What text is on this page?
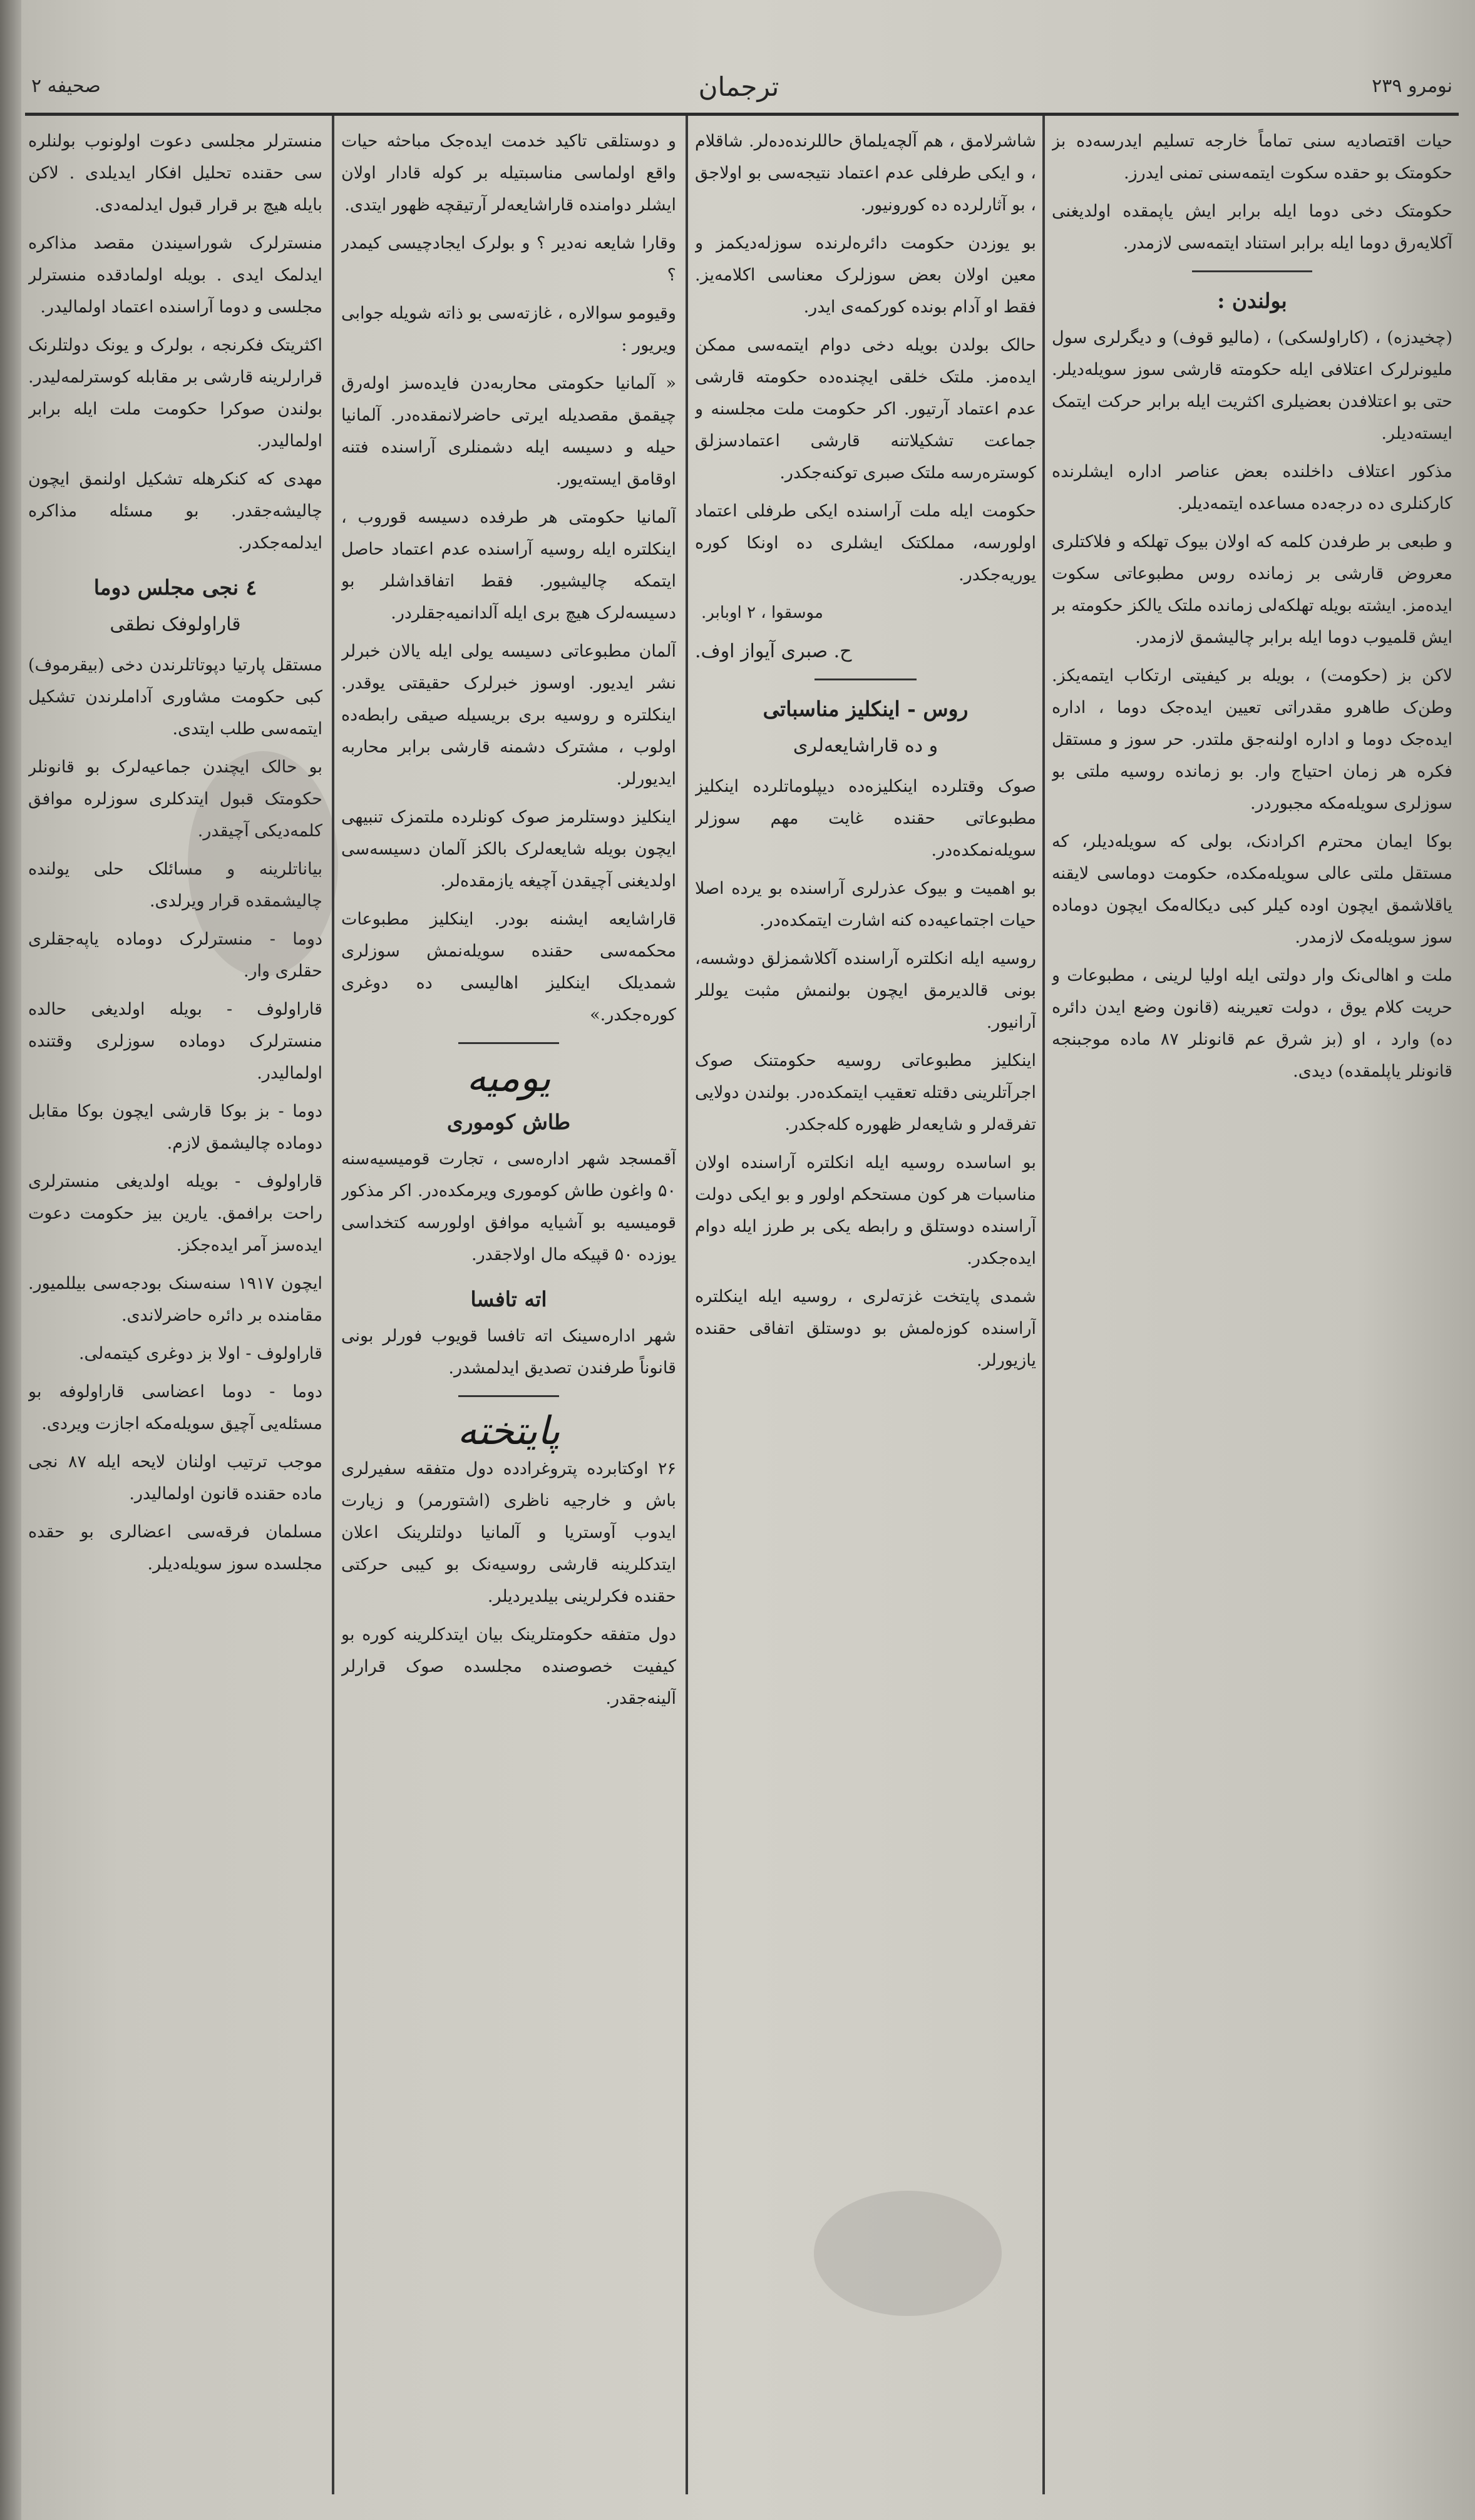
صحيفه ۲	ترجمان	نومرو ۲۳۹

حیات اقتصادیه سنی تماماً خارجه تسلیم ایدرسه‌ده بز حکومتک بو حقده سکوت ایتمه‌سنی تمنی ایدرز.

حکومتک دخی دوما ایله برابر ایش یاپمقده اولدیغنی آکلایه‌رق دوما ایله برابر استناد ایتمه‌سی لازمدر.

بولندن :

(چخیدزه) ، (کاراولسکی) ، (مالیو قوف) و دیگرلری سول ملیونرلرک اعتلافی ایله حکومته قارشی سوز سویله‌دیلر. حتی بو اعتلافدن بعضیلری اکثریت ایله برابر حرکت ایتمک ایسته‌دیلر.

مذکور اعتلاف داخلنده بعض عناصر اداره ایشلرنده کارکنلری ده درجه‌ده مساعده ایتمه‌دیلر.

و طبعی بر طرفدن کلمه که اولان بیوک تهلکه و فلاکتلری معروض قارشی بر زمانده روس مطبوعاتی سکوت ایده‌مز. ایشته بویله تهلکه‌لی زمانده ملتک یالکز حکومته بر ایش قلمیوب دوما ایله برابر چالیشمق لازمدر.

لاکن بز (حکومت) ، بویله بر کیفیتی ارتکاب ایتمه‌یکز. وطن‌ک طاهرو مقدراتی تعیین ایده‌جک دوما ، اداره ایده‌جک دوما و اداره اولنه‌جق ملتدر. حر سوز و مستقل فکره هر زمان احتیاج وار. بو زمانده روسیه ملتی بو سوزلری سویله‌مکه مجبوردر.

بوکا ایمان محترم اکرادنک، بولی که سویله‌دیلر، که مستقل ملتی عالی سویله‌مکده، حکومت دوماسی لایقنه یاقلاشمق ایچون اوده کیلر کبی دیکاله‌مک ایچون دوماده سوز سویله‌مک لازمدر.

ملت و اهالی‌نک وار دولتی ایله اولیا لرینی ، مطبوعات و حریت کلام یوق ، دولت تعیرینه (قانون وضع ایدن دائره ده) وارد ، او (بز شرق عم قانونلر ۸۷ ماده موجبنجه قانونلر یاپلمقده) دیدی.

شاشرلامق ، هم آلچه‌یلماق حاللرنده‌ده‌لر. شاقلام ، و ایکی طرفلی عدم اعتماد نتیجه‌سی بو اولاجق ، بو آثارلرده ده کورونیور.

بو یوزدن حکومت دائره‌لرنده سوزله‌دیکمز و معین اولان بعض سوزلرک معناسی اکلامه‌یز. فقط او آدام بونده کورکمه‌ی ایدر.

حالک بولدن بویله دخی دوام ایتمه‌سی ممکن ایده‌مز. ملتک خلقی ایچنده‌ده حکومته قارشی عدم اعتماد آرتیور. اکر حکومت ملت مجلسنه و جماعت تشکیلاتنه قارشی اعتمادسزلق کوستره‌رسه ملتک صبری توکنه‌جکدر.

حکومت ایله ملت آراسنده ایکی طرفلی اعتماد اولورسه، مملکتک ایشلری ده اونکا کوره یوریه‌جکدر.

موسقوا ، ۲ اوبابر.
ح. صبری آیواز اوف.
روس - اینکلیز مناسباتی
و ده قاراشایعه‌لری

صوک وقتلرده اینکلیزه‌ده دیپلوماتلرده اینکلیز مطبوعاتی حقنده غایت مهم سوزلر سویله‌نمکده‌در.

بو اهمیت و بیوک عذرلری آراسنده بو یرده اصلا حیات اجتماعیه‌ده کنه اشارت ایتمکده‌در.

روسیه ایله انکلتره آراسنده آکلاشمزلق دوشسه، بونی قالدیرمق ایچون بولنمش مثبت یوللر آرانیور.

اینکلیز مطبوعاتی روسیه حکومتنک صوک اجرآتلرینی دقتله تعقیب ایتمکده‌در. بولندن دولایی تفرقه‌لر و شایعه‌لر ظهوره کله‌جکدر.

بو اساسده روسیه ایله انکلتره آراسنده اولان مناسبات هر کون مستحکم اولور و بو ایکی دولت آراسنده دوستلق و رابطه یکی بر طرز ایله دوام ایده‌جکدر.

شمدی پایتخت غزته‌لری ، روسیه ایله اینکلتره آراسنده کوزه‌لمش بو دوستلق اتفاقی حقنده یازیورلر.

و دوستلقی تاکید خدمت ایده‌جک مباحثه حیات واقع اولماسی مناسبتیله بر کوله قادار اولان ایشلر دوامنده قاراشایعه‌لر آرتیقچه ظهور ایتدی.

وقارا شایعه نه‌دیر ؟ و بولرک ایجادچیسی کیمدر ؟

وقیومو سوالاره ، غازته‌سی بو ذاته شویله جوابی ویریور :

« آلمانیا حکومتی محاربه‌دن فایده‌سز اوله‌رق چیقمق مقصدیله ایرتی حاضرلانمقده‌در. آلمانیا حیله و دسیسه ایله دشمنلری آراسنده فتنه اوقامق ایسته‌یور.

آلمانیا حکومتی هر طرفده دسیسه قوروب ، اینکلتره ایله روسیه آراسنده عدم اعتماد حاصل ایتمکه چالیشیور. فقط اتفاقداشلر بو دسیسه‌لرک هیچ بری ایله آلدانمیه‌جقلردر.

آلمان مطبوعاتی دسیسه یولی ایله یالان خبرلر نشر ایدیور. اوسوز خبرلرک حقیقتی یوقدر. اینکلتره و روسیه بری بریسیله صیقی رابطه‌ده اولوب ، مشترک دشمنه قارشی برابر محاربه ایدیورلر.

اینکلیز دوستلرمز صوک کونلرده ملتمزک تنبیهی ایچون بویله شایعه‌لرک بالکز آلمان دسیسه‌سی اولدیغنی آچیقدن آچیغه یازمقده‌لر.

قاراشایعه ایشنه بودر. اینکلیز مطبوعات محکمه‌سی حقنده سویله‌نمش سوزلری شمدیلک اینکلیز اهالیسی ده دوغری کوره‌جکدر.»

یومیه
طاش کوموری

آقمسجد شهر اداره‌سی ، تجارت قومیسیه‌سنه ۵۰ واغون طاش کوموری ویرمکده‌در. اکر مذکور قومیسیه بو آشیایه موافق اولورسه کتخداسی یوزده ۵۰ قپیکه مال اولاجقدر.

اته تافسا

شهر اداره‌سینک اته تافسا قویوب فورلر بونی قانوناً طرفندن تصدیق ایدلمشدر.

پایتخته

۲۶ اوکتابرده پتروغرادده دول متفقه سفیرلری باش و خارجیه ناظری (اشتورمر) و زیارت ایدوب آوستریا و آلمانیا دولتلرینک اعلان ایتدکلرینه قارشی روسیه‌نک بو کیبی حرکتی حقنده فکرلرینی بیلدیردیلر.

دول متفقه حکومتلرینک بیان ایتدکلرینه کوره بو کیفیت خصوصنده مجلسده صوک قرارلر آلینه‌جقدر.

منسترلر مجلسی دعوت اولونوب بولنلره سی حقنده تحلیل افکار ایدیلدی . لاکن بایله هیچ بر قرار قبول ایدلمه‌دی.

منسترلرک شوراسیندن مقصد مذاکره ایدلمک ایدی . بویله اولمادقده منسترلر مجلسی و دوما آراسنده اعتماد اولمالیدر.

اکثریتک فکرنجه ، بولرک و یونک دولتلرنک قرارلرینه قارشی بر مقابله کوسترلمه‌لیدر. بولندن صوکرا حکومت ملت ایله برابر اولمالیدر.

مهدی که کنکرهله تشکیل اولنمق ایچون چالیشه‌جقدر. بو مسئله مذاکره ایدلمه‌جکدر.

٤ نجی مجلس دوما
قاراولوفک نطقی

مستقل پارتیا دپوتاتلرندن دخی (بیقرموف) کبی حکومت مشاوری آداملرندن تشکیل ایتمه‌سی طلب ایتدی.

بو حالک ایچندن جماعیه‌لرک بو قانونلر حکومتک قبول ایتدکلری سوزلره موافق کلمه‌دیکی آچیقدر.

بیاناتلرینه و مسائلک حلی یولنده چالیشمقده قرار ویرلدی.

دوما - منسترلرک دوماده یاپه‌جقلری حقلری وار.

قاراولوف - بویله اولدیغی حالده منسترلرک دوماده سوزلری وقتنده اولمالیدر.

دوما - بز بوکا قارشی ایچون بوکا مقابل دوماده چالیشمق لازم.

قاراولوف - بویله اولدیغی منسترلری راحت برافمق. یارین بیز حکومت دعوت ایده‌سز آمر ایده‌جکز.

ایچون ۱۹۱۷ سنه‌سنک بودجه‌سی بیللمیور. مقامنده بر دائره حاضرلاندی.

قاراولوف - اولا بز دوغری کیتمه‌لی.

دوما - دوما اعضاسی قاراولوفه بو مسئله‌یی آچیق سویله‌مکه اجازت ویردی.

موجب ترتیب اولنان لایحه ایله ۸۷ نجی ماده حقنده قانون اولمالیدر.

مسلمان فرقه‌سی اعضالری بو حقده مجلسده سوز سویله‌دیلر.
